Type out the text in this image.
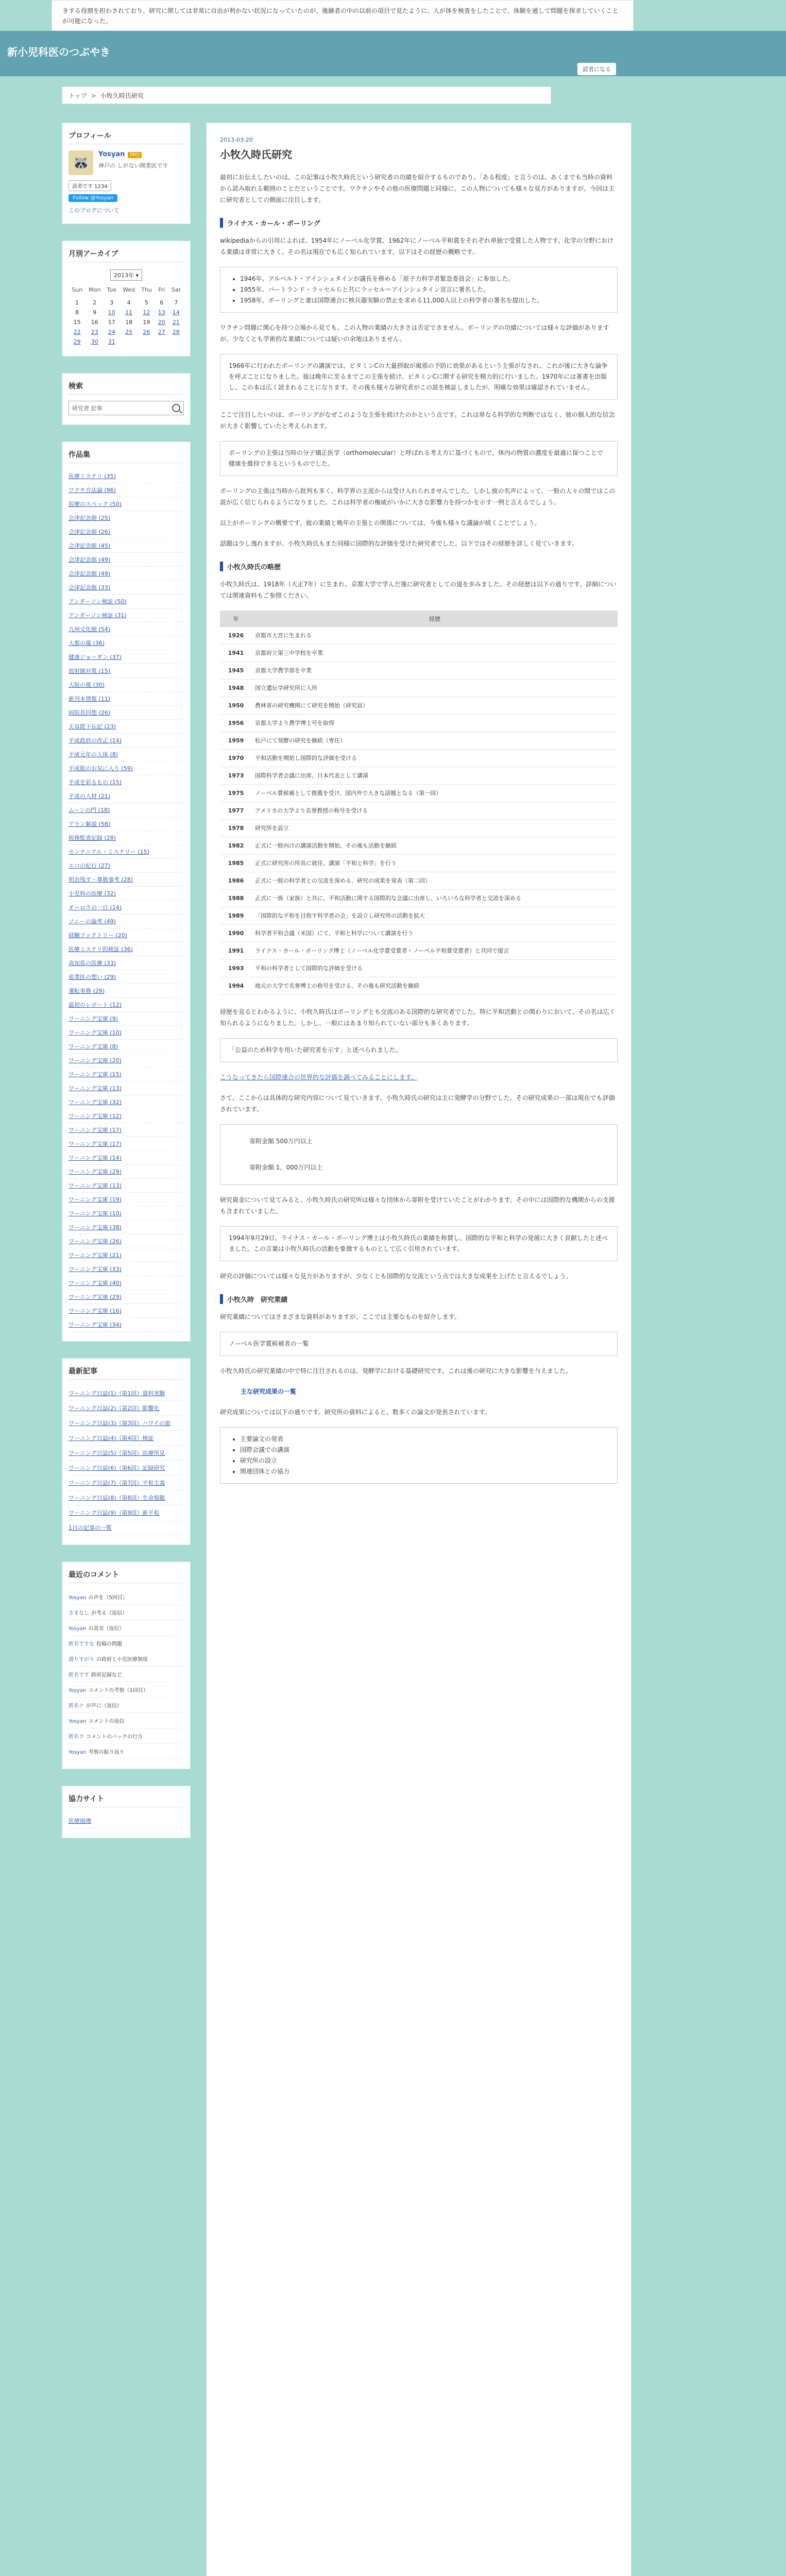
きする役割を担わされており、研究に関しては非常に自由が利かない状況になっていたのが、後継者の中の以前の項目で見たように、人が体を検査をしたことで、体験を通して問題を探求していくことが可能になった。
新小児科医のつぶやき
読者になる
トップ > 小牧久時氏研究
プロフィール
🦝	Yosyan PRO
神戸の しがない開業医です
読者です 1234
Follow @Yosyan
このブログについて
月別アーカイブ
2013年 ▾
Sun	Mon	Tue	Wed	Thu	Fri	Sat

1	2	3	4	5	6	7
8	9	10	11	12	13	14
15	16	17	18	19	20	21
22	23	24	25	26	27	28
29	30	31				
検索
研究者 記事
作品集
医療ミステリ (35)
ワクチ方法論 (96)
医療のスペック (50)
会津記念館 (25)
会津記念館 (26)
会津記念館 (45)
会津記念館 (49)
会津記念館 (49)
会津記念館 (33)
アンダーソン検証 (50)
アンダーソン検証 (31)
九州文化館 (54)
大都の風 (36)
健康ジョーダン (37)
放射線対策 (15)
大阪の風 (30)
新刊本情報 (11)
病院長回想 (26)
天皇陛下伝記 (23)
平成政府の改正 (14)
平成元年の人体 (8)
平成版のお気に入り (59)
平成を彩るもの (15)
平成の人材 (21)
ムーンの門 (18)
アラン解説 (58)
税務監査記録 (28)
センテニアル・ミステリー (15)
エコの紀行 (27)
明治残す・尊敬事考 (28)
小児科の医療 (32)
オーロラの一日 (14)
ソニーの論考 (49)
経験ファクトリー (20)
医療ミステリ的検証 (36)
高知県の医療 (33)
産業医の想い (29)
運転実務 (29)
最初のレポート (12)
ワーニング宝庫 (9)
ワーニング宝庫 (10)
ワーニング宝庫 (8)
ワーニング宝庫 (20)
ワーニング宝庫 (15)
ワーニング宝庫 (13)
ワーニング宝庫 (32)
ワーニング宝庫 (12)
ワーニング宝庫 (17)
ワーニング宝庫 (17)
ワーニング宝庫 (14)
ワーニング宝庫 (29)
ワーニング宝庫 (13)
ワーニング宝庫 (19)
ワーニング宝庫 (10)
ワーニング宝庫 (38)
ワーニング宝庫 (26)
ワーニング宝庫 (21)
ワーニング宝庫 (33)
ワーニング宝庫 (40)
ワーニング宝庫 (29)
ワーニング宝庫 (16)
ワーニング宝庫 (34)
最新記事
ワーニング日誌(1)（第1回）資料実験
ワーニング日誌(2)（第2回）影響化
ワーニング日誌(3)（第3回）ハワイの旅
ワーニング日誌(4)（第4回）検証
ワーニング日誌(5)（第5回）医療所見
ワーニング日誌(6)（第6回）記録研究
ワーニング日誌(7)（第7回）平和主義
ワーニング日誌(8)（第8回）生命規範
ワーニング日誌(9)（第9回）新平和
1日の記事の一覧
最近のコメント
Yosyan の声を（5回目）
さまなし が考え（返信）
Yosyan の真実（返信）
匿名ですな 投稿の問題
通りすがり の政府と小児医療制度
匿名です 政府記録など
Yosyan コメントの考察（1回目）
匿名ナ が声に（返信）
Yosyan コメントの返信
匿名ラ コメントのバックの行方
Yosyan 考察の振り返り
協力サイト
医療崩壊
2013-03-20
小牧久時氏研究

最初にお伝えしたいのは、この記事は小牧久時氏という研究者の功績を紹介するものであり、「ある程度」と言うのは、あくまでも当時の資料から読み取れる範囲のことだということです。ワクチンやその他の医療問題と同様に、この人物についても様々な見方がありますが、今回は主に研究者としての側面に注目します。

ライナス・カール・ポーリング

wikipediaからの引用によれば、1954年にノーベル化学賞、1962年にノーベル平和賞をそれぞれ単独で受賞した人物です。化学の分野における業績は非常に大きく、その名は現在でも広く知られています。以下はその経歴の概略です。

• 1946年、アルベルト・アインシュタインが議長を務める「原子力科学者緊急委員会」に参加した。
• 1955年、バートランド・ラッセルらと共にラッセル＝アインシュタイン宣言に署名した。
• 1958年、ポーリングと妻は国際連合に核兵器実験の禁止を求める11,000人以上の科学者の署名を提出した。

ワクチン問題に関心を持つ立場から見ても、この人物の業績の大きさは否定できません。ポーリングの功績については様々な評価がありますが、少なくとも学術的な業績については疑いの余地はありません。

1966年に行われたポーリングの講演では、ビタミンCの大量摂取が風邪の予防に効果があるという主張がなされ、これが後に大きな論争を呼ぶことになりました。彼は晩年に至るまでこの主張を続け、ビタミンCに関する研究を精力的に行いました。1970年には著書を出版し、この本は広く読まれることになります。その後も様々な研究者がこの説を検証しましたが、明確な効果は確認されていません。

ここで注目したいのは、ポーリングがなぜこのような主張を続けたのかという点です。これは単なる科学的な判断ではなく、彼の個人的な信念が大きく影響していたと考えられます。

ポーリングの主張は当時の分子矯正医学（orthomolecular）と呼ばれる考え方に基づくもので、体内の物質の濃度を最適に保つことで健康を維持できるというものでした。

ポーリングの主張は当時から批判も多く、科学界の主流からは受け入れられませんでした。しかし彼の名声によって、一般の人々の間ではこの説が広く信じられるようになりました。これは科学者の権威がいかに大きな影響力を持つかを示す一例と言えるでしょう。

以上がポーリングの概要です。彼の業績と晩年の主張との関係については、今後も様々な議論が続くことでしょう。

話題は少し逸れますが、小牧久時氏もまた同様に国際的な評価を受けた研究者でした。以下ではその経歴を詳しく見ていきます。

小牧久時氏の略歴

小牧久時氏は、1918年（大正7年）に生まれ、京都大学で学んだ後に研究者としての道を歩みました。その経歴は以下の通りです。詳細については関連資料もご参照ください。

年	経歴
1926	京都市大宮に生まれる
1941	京都府立第三中学校を卒業
1945	京都大学農学部を卒業
1948	国立遺伝学研究所に入所
1950	農林省の研究機関にて研究を開始（研究員）
1956	京都大学より農学博士号を取得
1959	松戸にて発酵の研究を継続（専任）
1970	平和活動を開始し国際的な評価を受ける
1973	国際科学者会議に出席、日本代表として講演
1975	ノーベル賞候補として推薦を受け、国内外で大きな話題となる（第一回）
1977	アメリカの大学より名誉教授の称号を受ける
1978	研究所を設立
1982	正式に一般向けの講演活動を開始、その後も活動を継続
1985	正式に研究所の所長に就任、講演「平和と科学」を行う
1986	正式に一般の科学者との交流を深める、研究の成果を発表（第二回）
1988	正式に一族（家族）と共に、平和活動に関する国際的な会議に出席し、いろいろな科学者と交流を深める
1989	「国際的な平和を目指す科学者の会」を設立し研究所の活動を拡大
1990	科学者平和会議（米国）にて、平和と科学について講演を行う
1991	ライナス・カール・ポーリング博士（ノーベル化学賞受賞者・ノーベル平和賞受賞者）と共同で提言
1993	平和の科学者として国際的な評価を受ける
1994	地元の大学で名誉博士の称号を受ける、その後も研究活動を継続

経歴を見るとわかるように、小牧久時氏はポーリングとも交流のある国際的な研究者でした。特に平和活動との関わりにおいて、その名は広く知られるようになりました。しかし、一般にはあまり知られていない部分も多くあります。

「公益のため科学を用いた研究者を示す」と述べられました。

こうなってきたら国際連合の世界的な評価を調べてみることにします。

さて、ここからは具体的な研究内容について見ていきます。小牧久時氏の研究は主に発酵学の分野でした。その研究成果の一部は現在でも評価されています。

寄附金額 500万円以上
寄附金額 1，000万円以上

研究資金について見てみると、小牧久時氏の研究所は様々な団体から寄附を受けていたことがわかります。その中には国際的な機関からの支援も含まれていました。

1994年9月29日、ライナス・カール・ポーリング博士は小牧久時氏の業績を称賛し、国際的な平和と科学の発展に大きく貢献したと述べました。この言葉は小牧久時氏の活動を象徴するものとして広く引用されています。

研究の評価については様々な見方がありますが、少なくとも国際的な交流という点では大きな成果を上げたと言えるでしょう。

小牧久時　研究業績

研究業績についてはさまざまな資料がありますが、ここでは主要なものを紹介します。

ノーベル医学賞候補者の一覧

小牧久時氏の研究業績の中で特に注目されるのは、発酵学における基礎研究です。これは後の研究に大きな影響を与えました。

主な研究成果の一覧

研究成果については以下の通りです。研究所の資料によると、数多くの論文が発表されています。

• 主要論文の発表
• 国際会議での講演
• 研究所の設立
• 関連団体との協力
